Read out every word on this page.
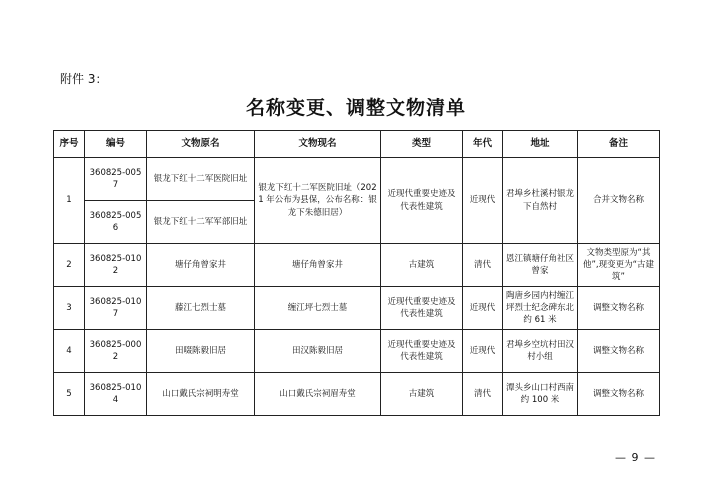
附件 3：
名称变更、调整文物清单
序号	编号	文物原名	文物现名	类型	年代	地址	备注
1	360825-0057	银龙下红十二军医院旧址	银龙下红十二军医院旧址（2021 年公布为县保，公布名称：银龙下朱德旧居）	近现代重要史迹及代表性建筑	近现代	君埠乡杜溪村银龙下自然村	合并文物名称
	360825-0056	银龙下红十二军军部旧址					
2	360825-0102	塘仔角曾家井	塘仔角曾家井	古建筑	清代	恩江镇塘仔角社区曾家	文物类型原为“其他”,现变更为“古建筑”
3	360825-0107	藤江七烈士墓	缠江坪七烈士墓	近现代重要史迹及代表性建筑	近现代	陶唐乡园内村缠江坪烈士纪念碑东北约 61 米	调整文物名称
4	360825-0002	田啜陈毅旧居	田汉陈毅旧居	近现代重要史迹及代表性建筑	近现代	君埠乡空坑村田汉村小组	调整文物名称
5	360825-0104	山口戴氏宗祠明寿堂	山口戴氏宗祠眉寿堂	古建筑	清代	潭头乡山口村西南约 100 米	调整文物名称
— 9 —
